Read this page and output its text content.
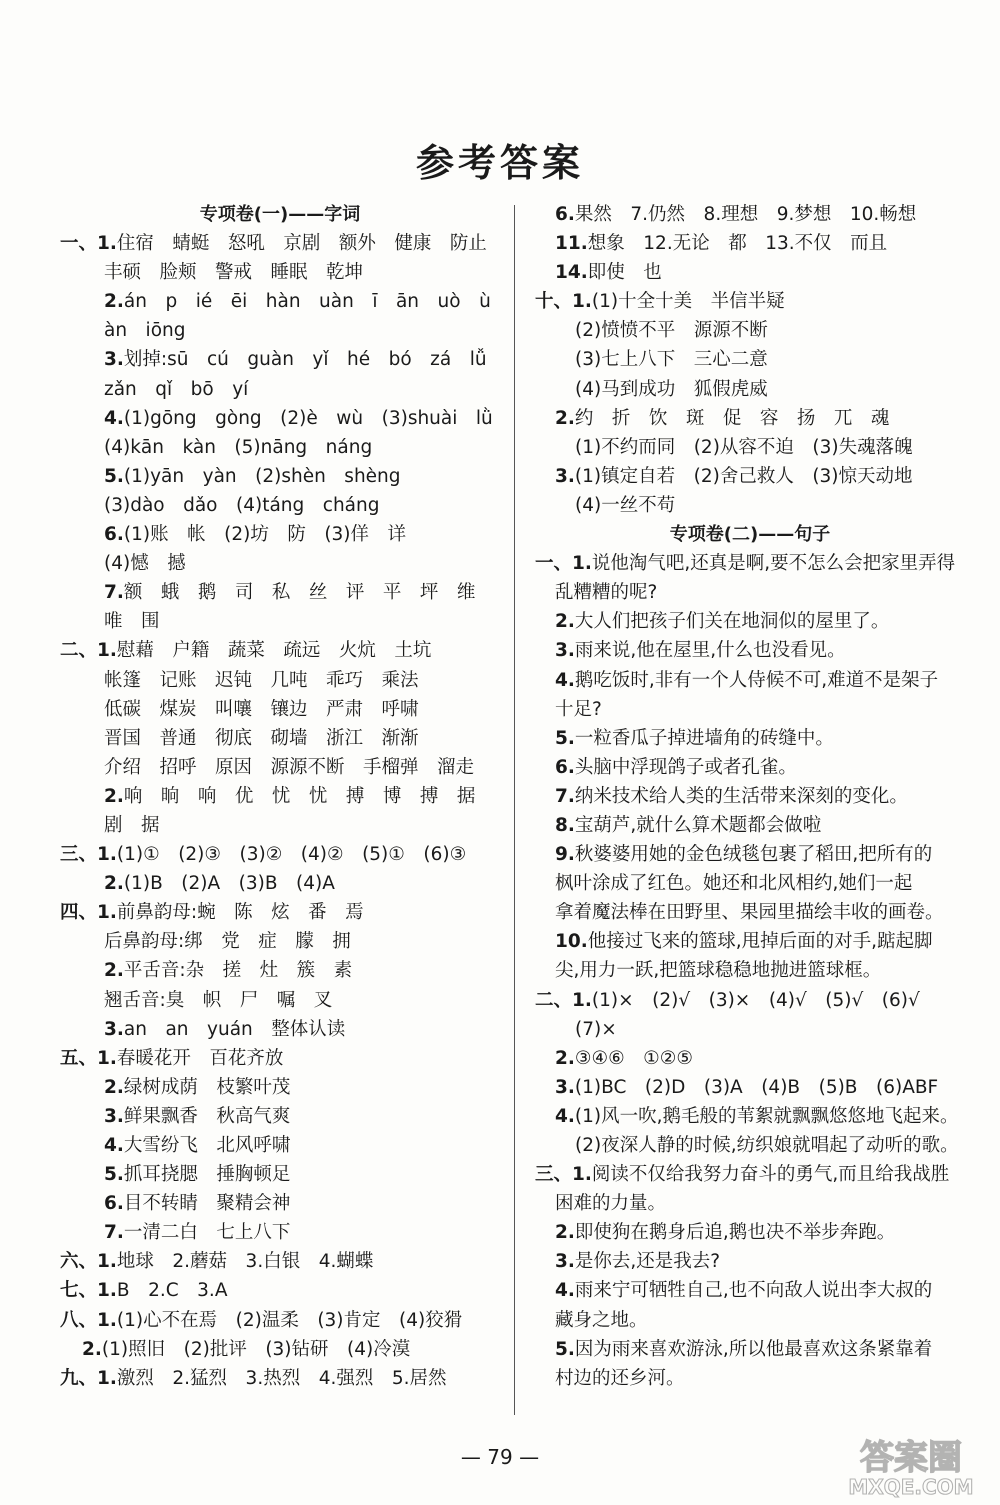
参考答案
专项卷(一)——字词
一、1.住宿　蜻蜓　怒吼　京剧　额外　健康　防止
丰硕　脸颊　警戒　睡眠　乾坤
2.án　p　ié　ēi　hàn　uàn　ī　ān　uò　ù
àn　iōng
3.划掉:sū　cú　guàn　yǐ　hé　bó　zá　lǚ
zǎn　qǐ　bō　yí
4.(1)gōng　gòng　(2)è　wù　(3)shuài　lǜ
(4)kān　kàn　(5)nāng　náng
5.(1)yān　yàn　(2)shèn　shèng
(3)dào　dǎo　(4)táng　cháng
6.(1)账　帐　(2)坊　防　(3)佯　详
(4)憾　撼
7.额　蛾　鹅　司　私　丝　评　平　坪　维
唯　围
二、1.慰藉　户籍　蔬菜　疏远　火炕　土坑
帐篷　记账　迟钝　几吨　乖巧　乘法
低碳　煤炭　叫嚷　镶边　严肃　呼啸
晋国　普通　彻底　砌墙　浙江　渐渐
介绍　招呼　原因　源源不断　手榴弹　溜走
2.响　晌　响　优　忧　忧　搏　博　搏　据
剧　据
三、1.(1)①　(2)③　(3)②　(4)②　(5)①　(6)③
2.(1)B　(2)A　(3)B　(4)A
四、1.前鼻韵母:蜿　陈　炫　番　焉
后鼻韵母:绑　党　症　朦　拥
2.平舌音:杂　搓　灶　簇　素
翘舌音:臭　帜　尸　嘱　叉
3.an　an　yuán　整体认读
五、1.春暖花开　百花齐放
2.绿树成荫　枝繁叶茂
3.鲜果飘香　秋高气爽
4.大雪纷飞　北风呼啸
5.抓耳挠腮　捶胸顿足
6.目不转睛　聚精会神
7.一清二白　七上八下
六、1.地球　2.蘑菇　3.白银　4.蝴蝶
七、1.B　2.C　3.A
八、1.(1)心不在焉　(2)温柔　(3)肯定　(4)狡猾
2.(1)照旧　(2)批评　(3)钻研　(4)冷漠
九、1.激烈　2.猛烈　3.热烈　4.强烈　5.居然
6.果然　7.仍然　8.理想　9.梦想　10.畅想
11.想象　12.无论　都　13.不仅　而且
14.即使　也
十、1.(1)十全十美　半信半疑
(2)愤愤不平　源源不断
(3)七上八下　三心二意
(4)马到成功　狐假虎威
2.约　折　饮　斑　促　容　扬　兀　魂
(1)不约而同　(2)从容不迫　(3)失魂落魄
3.(1)镇定自若　(2)舍己救人　(3)惊天动地
(4)一丝不苟
专项卷(二)——句子
一、1.说他淘气吧,还真是啊,要不怎么会把家里弄得
乱糟糟的呢?
2.大人们把孩子们关在地洞似的屋里了。
3.雨来说,他在屋里,什么也没看见。
4.鹅吃饭时,非有一个人侍候不可,难道不是架子
十足?
5.一粒香瓜子掉进墙角的砖缝中。
6.头脑中浮现鸽子或者孔雀。
7.纳米技术给人类的生活带来深刻的变化。
8.宝葫芦,就什么算术题都会做啦
9.秋婆婆用她的金色绒毯包裹了稻田,把所有的
枫叶涂成了红色。她还和北风相约,她们一起
拿着魔法棒在田野里、果园里描绘丰收的画卷。
10.他接过飞来的篮球,甩掉后面的对手,踮起脚
尖,用力一跃,把篮球稳稳地抛进篮球框。
二、1.(1)×　(2)√　(3)×　(4)√　(5)√　(6)√
(7)×
2.③④⑥　①②⑤
3.(1)BC　(2)D　(3)A　(4)B　(5)B　(6)ABF
4.(1)风一吹,鹅毛般的苇絮就飘飘悠悠地飞起来。
(2)夜深人静的时候,纺织娘就唱起了动听的歌。
三、1.阅读不仅给我努力奋斗的勇气,而且给我战胜
困难的力量。
2.即使狗在鹅身后追,鹅也决不举步奔跑。
3.是你去,还是我去?
4.雨来宁可牺牲自己,也不向敌人说出李大叔的
藏身之地。
5.因为雨来喜欢游泳,所以他最喜欢这条紧靠着
村边的还乡河。
— 79 —	答案圈
MXQE.COM
